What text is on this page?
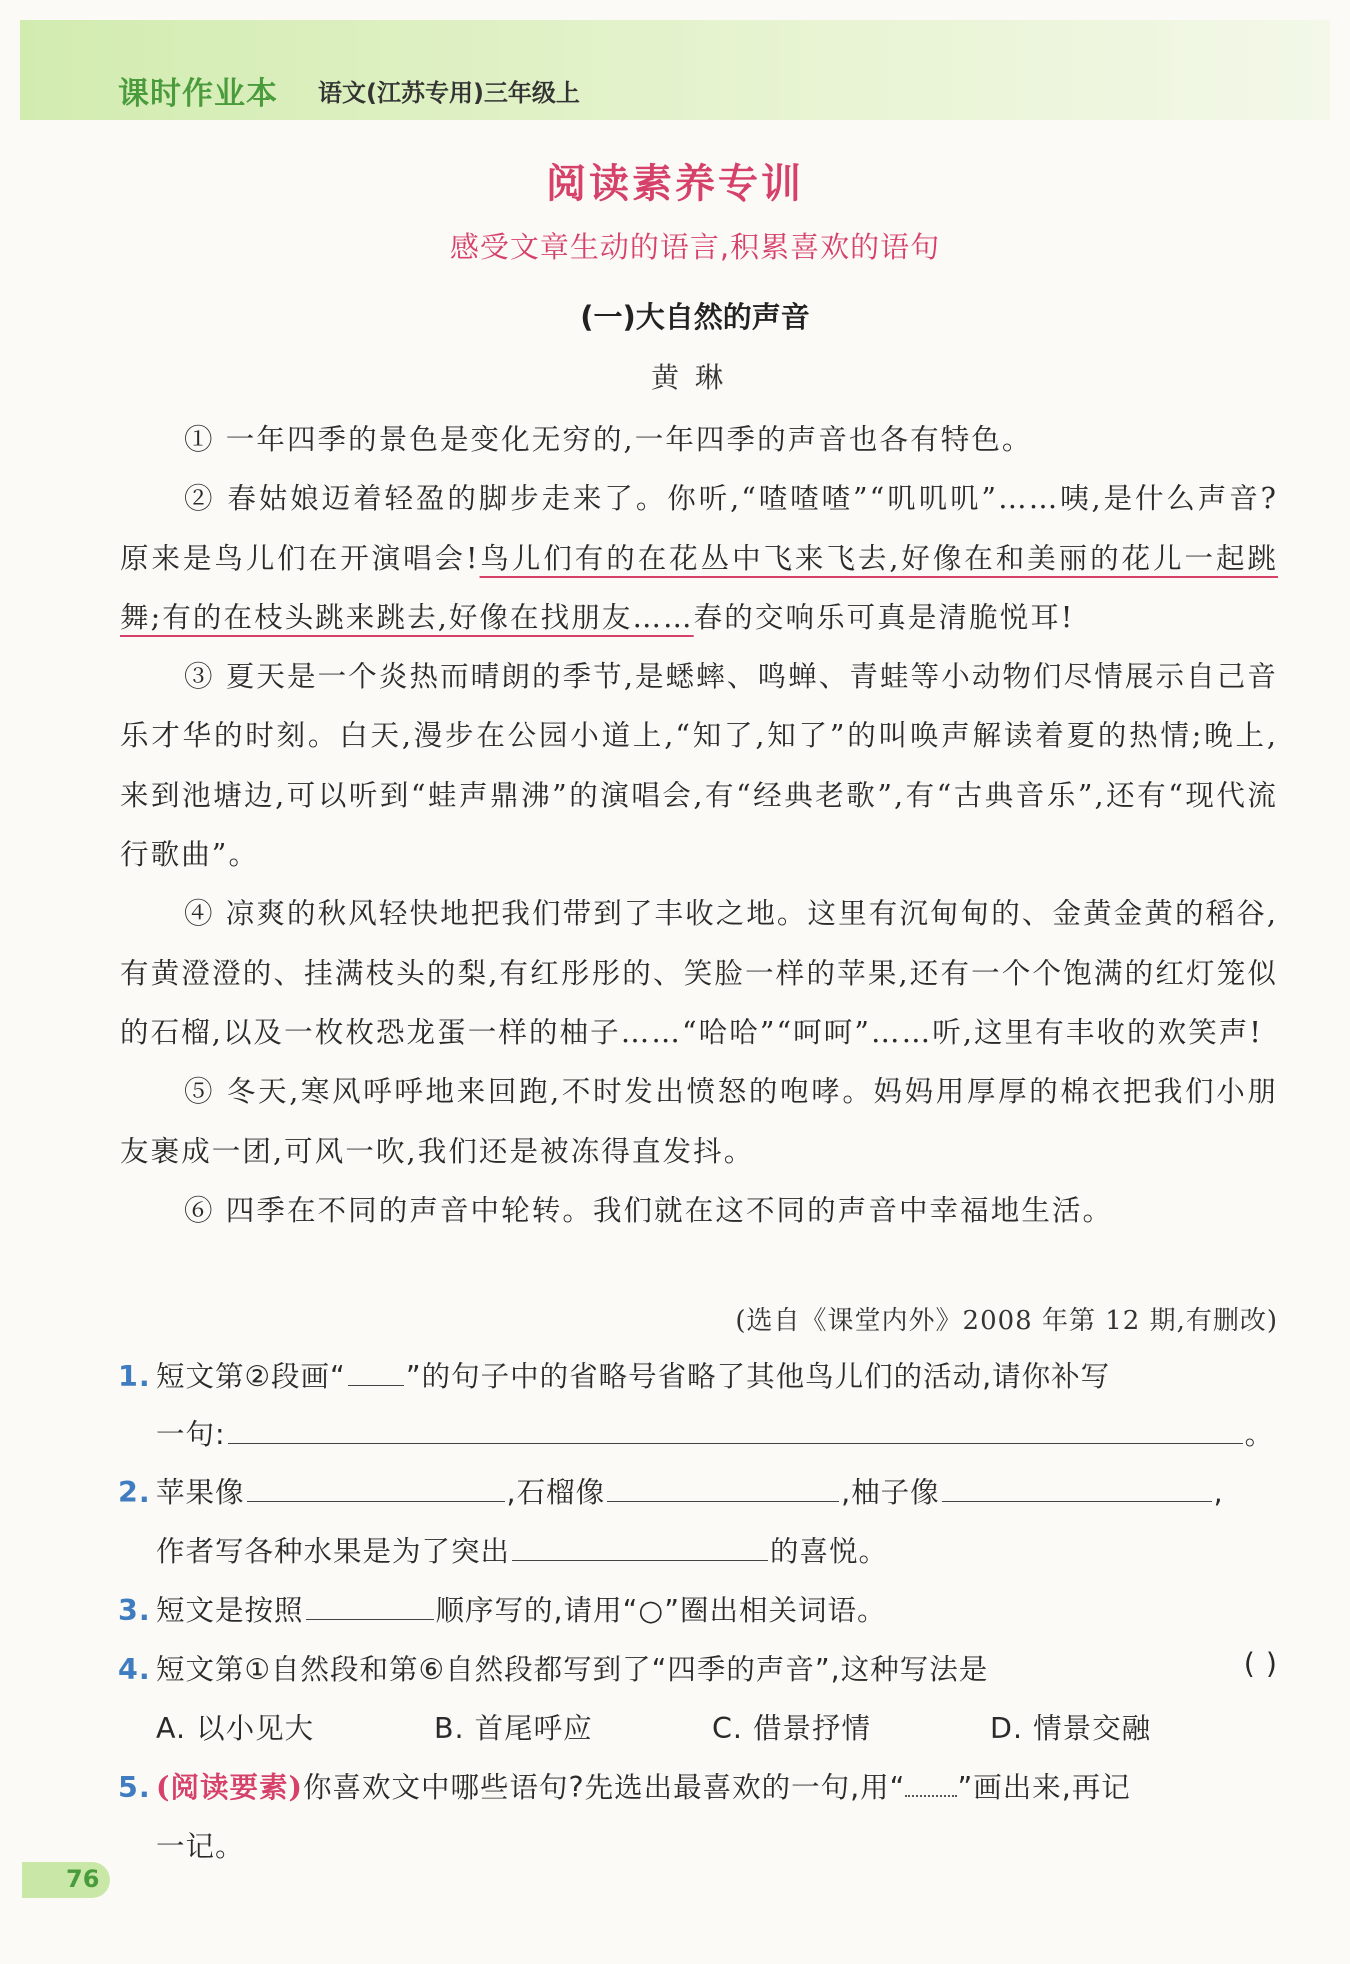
课时作业本 语文(江苏专用)三年级上
阅读素养专训
感受文章生动的语言,积累喜欢的语句
(一)大自然的声音
黄琳

① 一年四季的景色是变化无穷的,一年四季的声音也各有特色。

② 春姑娘迈着轻盈的脚步走来了。你听,“喳喳喳”“叽叽叽”……咦,是什么声音?原来是鸟儿们在开演唱会!鸟儿们有的在花丛中飞来飞去,好像在和美丽的花儿一起跳舞;有的在枝头跳来跳去,好像在找朋友……春的交响乐可真是清脆悦耳!

③ 夏天是一个炎热而晴朗的季节,是蟋蟀、鸣蝉、青蛙等小动物们尽情展示自己音乐才华的时刻。白天,漫步在公园小道上,“知了,知了”的叫唤声解读着夏的热情;晚上,来到池塘边,可以听到“蛙声鼎沸”的演唱会,有“经典老歌”,有“古典音乐”,还有“现代流行歌曲”。

④ 凉爽的秋风轻快地把我们带到了丰收之地。这里有沉甸甸的、金黄金黄的稻谷,有黄澄澄的、挂满枝头的梨,有红彤彤的、笑脸一样的苹果,还有一个个饱满的红灯笼似的石榴,以及一枚枚恐龙蛋一样的柚子……“哈哈”“呵呵”……听,这里有丰收的欢笑声!

⑤ 冬天,寒风呼呼地来回跑,不时发出愤怒的咆哮。妈妈用厚厚的棉衣把我们小朋友裹成一团,可风一吹,我们还是被冻得直发抖。

⑥ 四季在不同的声音中轮转。我们就在这不同的声音中幸福地生活。

(选自《课堂内外》2008 年第 12 期,有删改)
1. 短文第②段画“ ”的句子中的省略号省略了其他鸟儿们的活动,请你补写
一句:	。
2. 苹果像	,石榴像	,柚子像	,
作者写各种水果是为了突出	的喜悦。
3. 短文是按照	顺序写的,请用“○”圈出相关词语。
4. 短文第①自然段和第⑥自然段都写到了“四季的声音”,这种写法是	( )
A. 以小见大	B. 首尾呼应	C. 借景抒情	D. 情景交融
5. (阅读要素)你喜欢文中哪些语句?先选出最喜欢的一句,用“ ”画出来,再记
一记。
76
